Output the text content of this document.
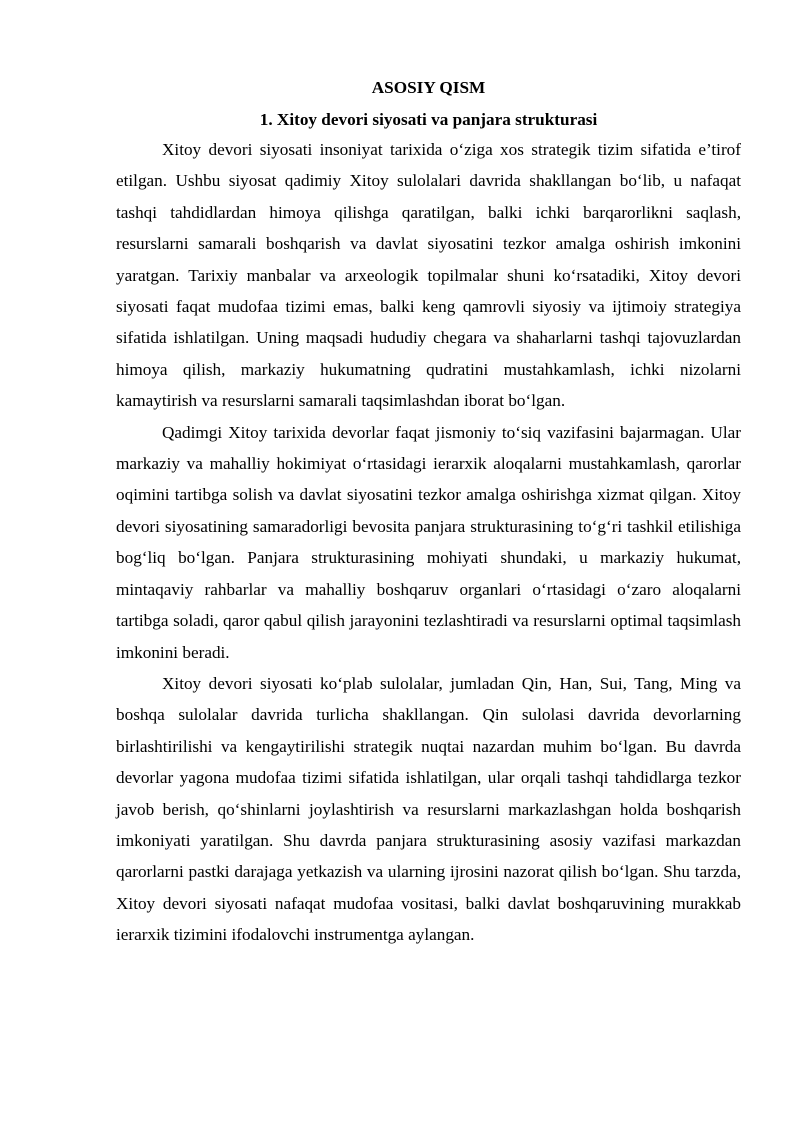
ASOSIY QISM

1. Xitoy devori siyosati va panjara strukturasi

Xitoy devori siyosati insoniyat tarixida o‘ziga xos strategik tizim sifatida e’tirof etilgan. Ushbu siyosat qadimiy Xitoy sulolalari davrida shakllangan bo‘lib, u nafaqat tashqi tahdidlardan himoya qilishga qaratilgan, balki ichki barqarorlikni saqlash, resurslarni samarali boshqarish va davlat siyosatini tezkor amalga oshirish imkonini yaratgan. Tarixiy manbalar va arxeologik topilmalar shuni ko‘rsatadiki, Xitoy devori siyosati faqat mudofaa tizimi emas, balki keng qamrovli siyosiy va ijtimoiy strategiya sifatida ishlatilgan. Uning maqsadi hududiy chegara va shaharlarni tashqi tajovuzlardan himoya qilish, markaziy hukumatning qudratini mustahkamlash, ichki nizolarni kamaytirish va resurslarni samarali taqsimlashdan iborat bo‘lgan.

Qadimgi Xitoy tarixida devorlar faqat jismoniy to‘siq vazifasini bajarmagan. Ular markaziy va mahalliy hokimiyat o‘rtasidagi ierarxik aloqalarni mustahkamlash, qarorlar oqimini tartibga solish va davlat siyosatini tezkor amalga oshirishga xizmat qilgan. Xitoy devori siyosatining samaradorligi bevosita panjara strukturasining to‘g‘ri tashkil etilishiga bog‘liq bo‘lgan. Panjara strukturasining mohiyati shundaki, u markaziy hukumat, mintaqaviy rahbarlar va mahalliy boshqaruv organlari o‘rtasidagi o‘zaro aloqalarni tartibga soladi, qaror qabul qilish jarayonini tezlashtiradi va resurslarni optimal taqsimlash imkonini beradi.

Xitoy devori siyosati ko‘plab sulolalar, jumladan Qin, Han, Sui, Tang, Ming va boshqa sulolalar davrida turlicha shakllangan. Qin sulolasi davrida devorlarning birlashtirilishi va kengaytirilishi strategik nuqtai nazardan muhim bo‘lgan. Bu davrda devorlar yagona mudofaa tizimi sifatida ishlatilgan, ular orqali tashqi tahdidlarga tezkor javob berish, qo‘shinlarni joylashtirish va resurslarni markazlashgan holda boshqarish imkoniyati yaratilgan. Shu davrda panjara strukturasining asosiy vazifasi markazdan qarorlarni pastki darajaga yetkazish va ularning ijrosini nazorat qilish bo‘lgan. Shu tarzda, Xitoy devori siyosati nafaqat mudofaa vositasi, balki davlat boshqaruvining murakkab ierarxik tizimini ifodalovchi instrumentga aylangan.
